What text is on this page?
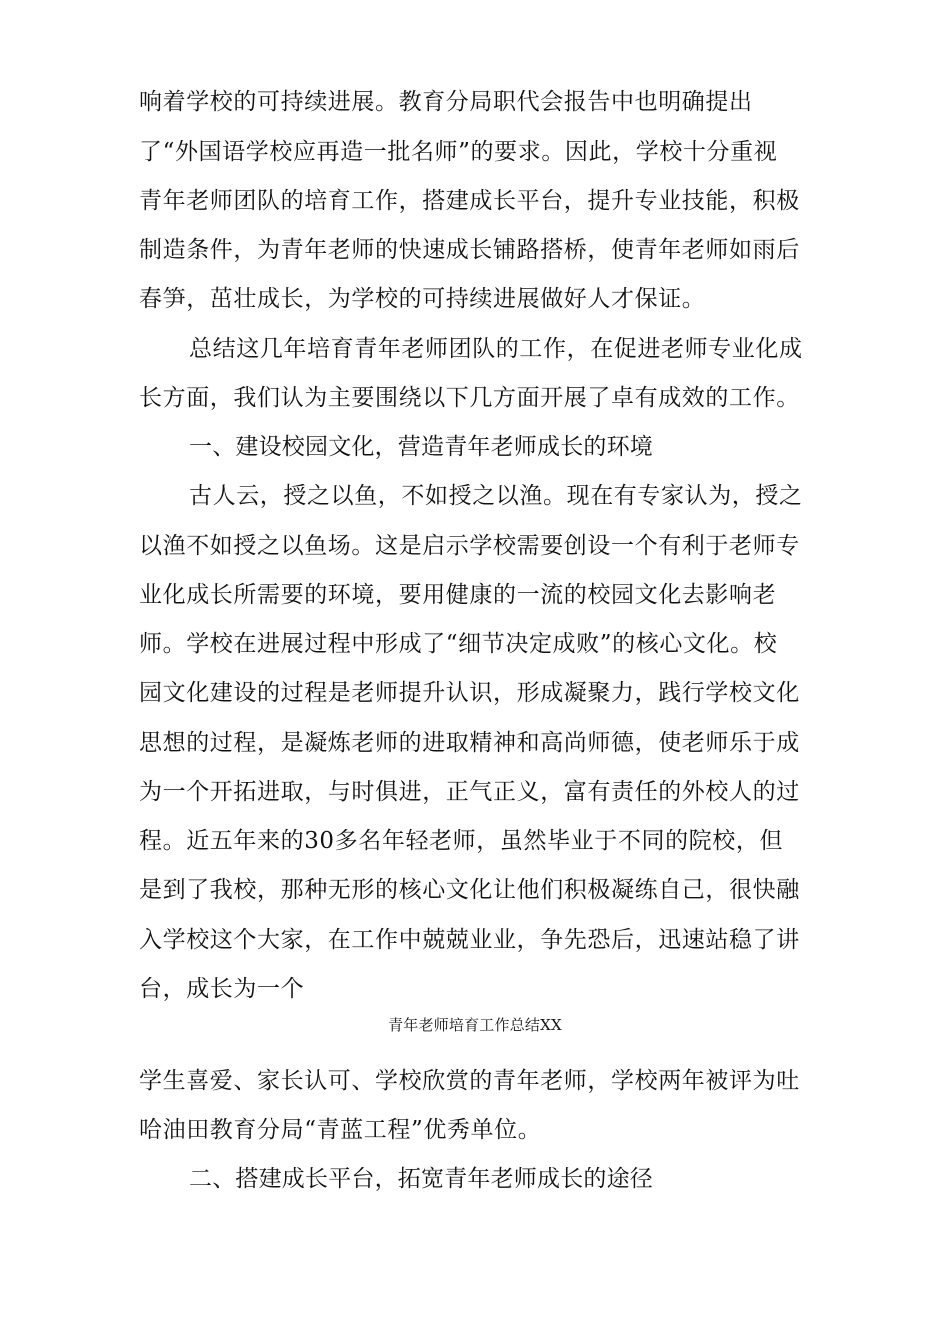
响着学校的可持续进展。教育分局职代会报告中也明确提出
了“外国语学校应再造一批名师”的要求。因此，学校十分重视
青年老师团队的培育工作，搭建成长平台，提升专业技能，积极
制造条件，为青年老师的快速成长铺路搭桥，使青年老师如雨后
春笋，茁壮成长，为学校的可持续进展做好人才保证。
总结这几年培育青年老师团队的工作，在促进老师专业化成
长方面，我们认为主要围绕以下几方面开展了卓有成效的工作。
一、建设校园文化，营造青年老师成长的环境
古人云，授之以鱼，不如授之以渔。现在有专家认为，授之
以渔不如授之以鱼场。这是启示学校需要创设一个有利于老师专
业化成长所需要的环境，要用健康的一流的校园文化去影响老
师。学校在进展过程中形成了“细节决定成败”的核心文化。校
园文化建设的过程是老师提升认识，形成凝聚力，践行学校文化
思想的过程，是凝炼老师的进取精神和高尚师德，使老师乐于成
为一个开拓进取，与时俱进，正气正义，富有责任的外校人的过
程。近五年来的30多名年轻老师，虽然毕业于不同的院校，但
是到了我校，那种无形的核心文化让他们积极凝练自己，很快融
入学校这个大家，在工作中兢兢业业，争先恐后，迅速站稳了讲
台，成长为一个
青年老师培育工作总结XX
学生喜爱、家长认可、学校欣赏的青年老师，学校两年被评为吐
哈油田教育分局“青蓝工程”优秀单位。
二、搭建成长平台，拓宽青年老师成长的途径
